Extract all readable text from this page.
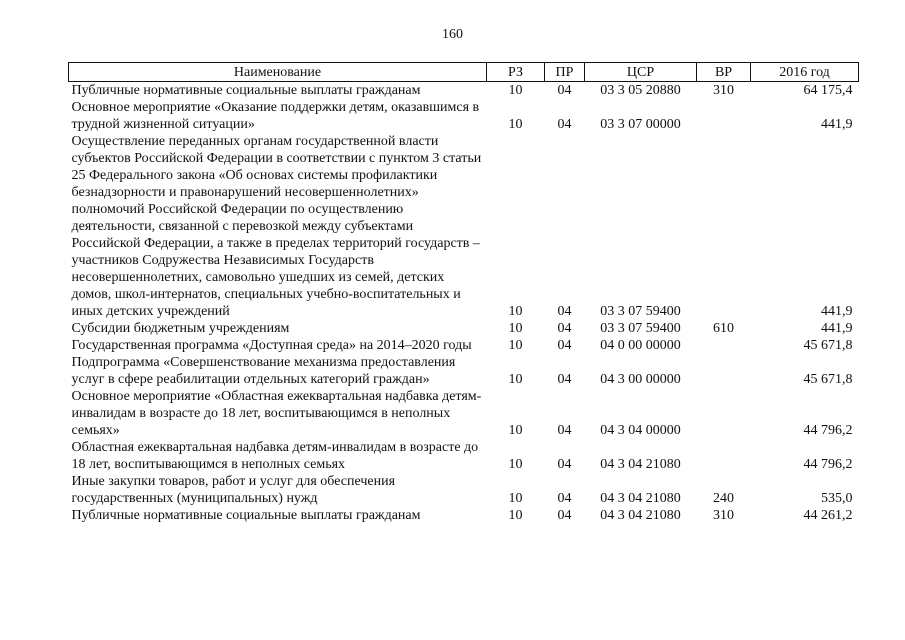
160
Наименование	РЗ	ПР	ЦСР	ВР	2016 год
Публичные нормативные социальные выплаты гражданам	10	04	03 3 05 20880	310	64 175,4
Основное мероприятие «Оказание поддержки детям, оказавшимся в трудной жизненной ситуации»	10	04	03 3 07 00000		441,9
Осуществление переданных органам государственной власти субъектов Российской Федерации в соответствии с пунктом 3 статьи 25 Федерального закона «Об основах системы профилактики безнадзорности и правонарушений несовершеннолетних» полномочий Российской Федерации по осуществлению деятельности, связанной с перевозкой между субъектами Российской Федерации, а также в пределах территорий государств – участников Содружества Независимых Государств несовершеннолетних, самовольно ушедших из семей, детских домов, школ-интернатов, специальных учебно-воспитательных и иных детских учреждений	10	04	03 3 07 59400		441,9
Субсидии бюджетным учреждениям	10	04	03 3 07 59400	610	441,9
Государственная программа «Доступная среда» на 2014–2020 годы	10	04	04 0 00 00000		45 671,8
Подпрограмма «Совершенствование механизма предоставления услуг в сфере реабилитации отдельных категорий граждан»	10	04	04 3 00 00000		45 671,8
Основное мероприятие «Областная ежеквартальная надбавка детям-инвалидам в возрасте до 18 лет, воспитывающимся в неполных семьях»	10	04	04 3 04 00000		44 796,2
Областная ежеквартальная надбавка детям-инвалидам в возрасте до 18 лет, воспитывающимся в неполных семьях	10	04	04 3 04 21080		44 796,2
Иные закупки товаров, работ и услуг для обеспечения государственных (муниципальных) нужд	10	04	04 3 04 21080	240	535,0
Публичные нормативные социальные выплаты гражданам	10	04	04 3 04 21080	310	44 261,2
